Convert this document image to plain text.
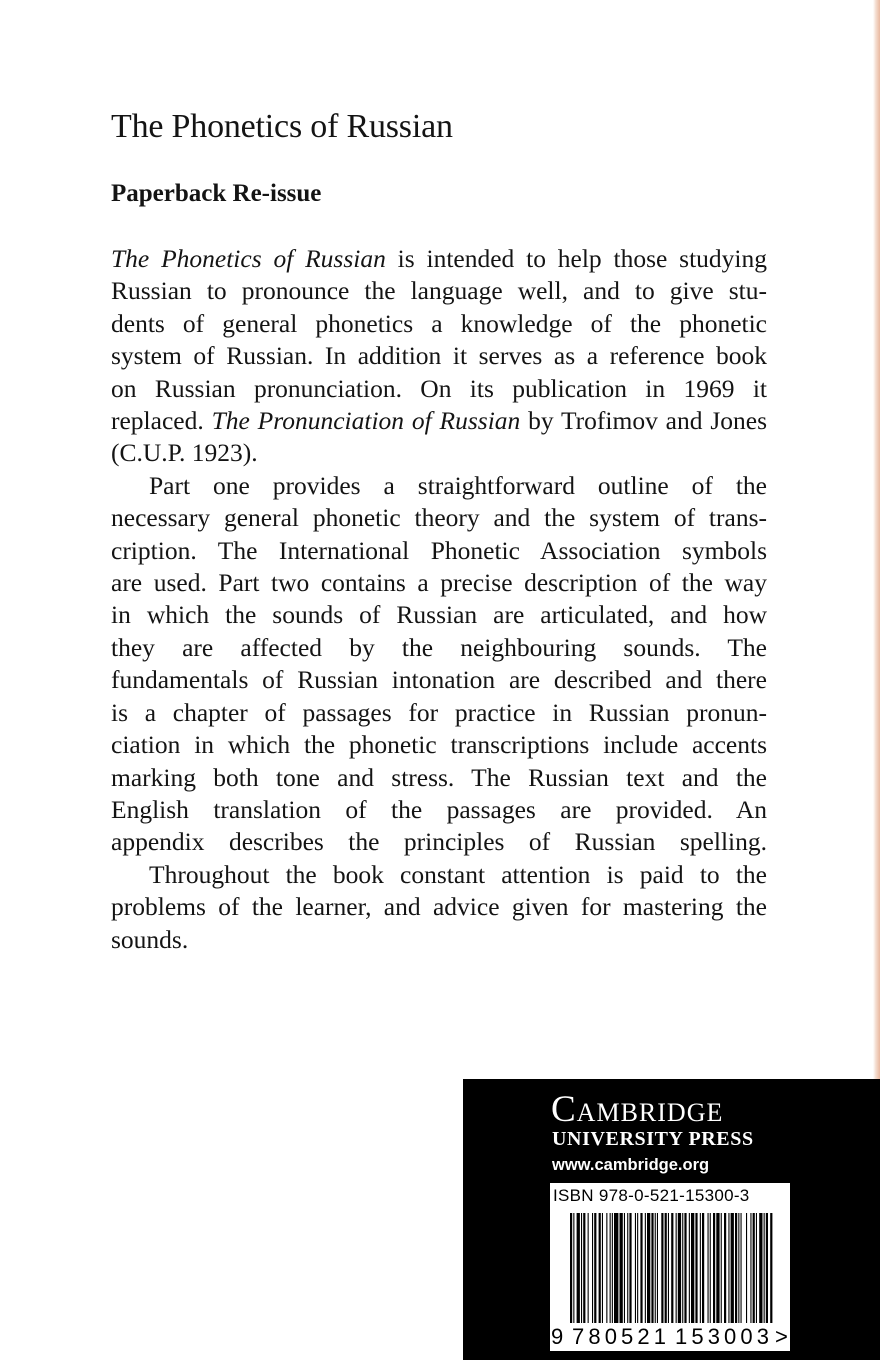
The Phonetics of Russian
Paperback Re-issue

The Phonetics of Russian is intended to help those studying
Russian to pronounce the language well, and to give stu-
dents of general phonetics a knowledge of the phonetic
system of Russian. In addition it serves as a reference book
on Russian pronunciation. On its publication in 1969 it
replaced. The Pronunciation of Russian by Trofimov and Jones
(C.U.P. 1923).

Part one provides a straightforward outline of the
necessary general phonetic theory and the system of trans-
cription. The International Phonetic Association symbols
are used. Part two contains a precise description of the way
in which the sounds of Russian are articulated, and how
they are affected by the neighbouring sounds. The
fundamentals of Russian intonation are described and there
is a chapter of passages for practice in Russian pronun-
ciation in which the phonetic transcriptions include accents
marking both tone and stress. The Russian text and the
English translation of the passages are provided. An
appendix describes the principles of Russian spelling.

Throughout the book constant attention is paid to the
problems of the learner, and advice given for mastering the
sounds.

Cambridge
UNIVERSITY PRESS
www.cambridge.org
ISBN 978-0-521-15300-3
9 780521 153003 >
